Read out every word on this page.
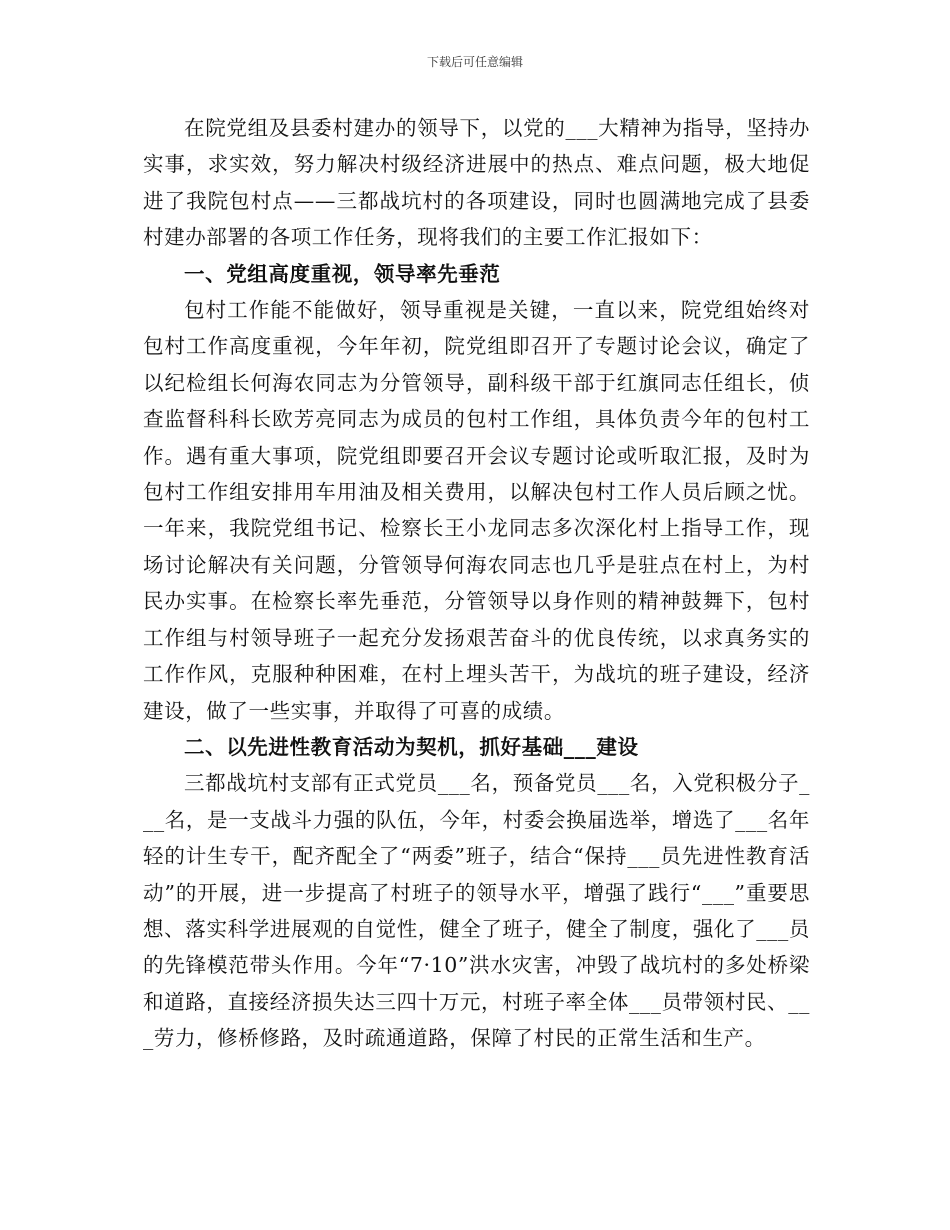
下载后可任意编辑

在院党组及县委村建办的领导下，以党的___大精神为指导，坚持办实事，求实效，努力解决村级经济进展中的热点、难点问题，极大地促进了我院包村点——三都战坑村的各项建设，同时也圆满地完成了县委村建办部署的各项工作任务，现将我们的主要工作汇报如下：

一、党组高度重视，领导率先垂范

包村工作能不能做好，领导重视是关键，一直以来，院党组始终对包村工作高度重视，今年年初，院党组即召开了专题讨论会议，确定了以纪检组长何海农同志为分管领导，副科级干部于红旗同志任组长，侦查监督科科长欧芳亮同志为成员的包村工作组，具体负责今年的包村工作。遇有重大事项，院党组即要召开会议专题讨论或听取汇报，及时为包村工作组安排用车用油及相关费用，以解决包村工作人员后顾之忧。一年来，我院党组书记、检察长王小龙同志多次深化村上指导工作，现场讨论解决有关问题，分管领导何海农同志也几乎是驻点在村上，为村民办实事。在检察长率先垂范，分管领导以身作则的精神鼓舞下，包村工作组与村领导班子一起充分发扬艰苦奋斗的优良传统，以求真务实的工作作风，克服种种困难，在村上埋头苦干，为战坑的班子建设，经济建设，做了一些实事，并取得了可喜的成绩。

二、以先进性教育活动为契机，抓好基础___建设

三都战坑村支部有正式党员___名，预备党员___名，入党积极分子___名，是一支战斗力强的队伍，今年，村委会换届选举，增选了___名年轻的计生专干，配齐配全了“两委”班子，结合“保持___员先进性教育活动”的开展，进一步提高了村班子的领导水平，增强了践行“___”重要思想、落实科学进展观的自觉性，健全了班子，健全了制度，强化了___员的先锋模范带头作用。今年“7·10”洪水灾害，冲毁了战坑村的多处桥梁和道路，直接经济损失达三四十万元，村班子率全体___员带领村民、___劳力，修桥修路，及时疏通道路，保障了村民的正常生活和生产。
